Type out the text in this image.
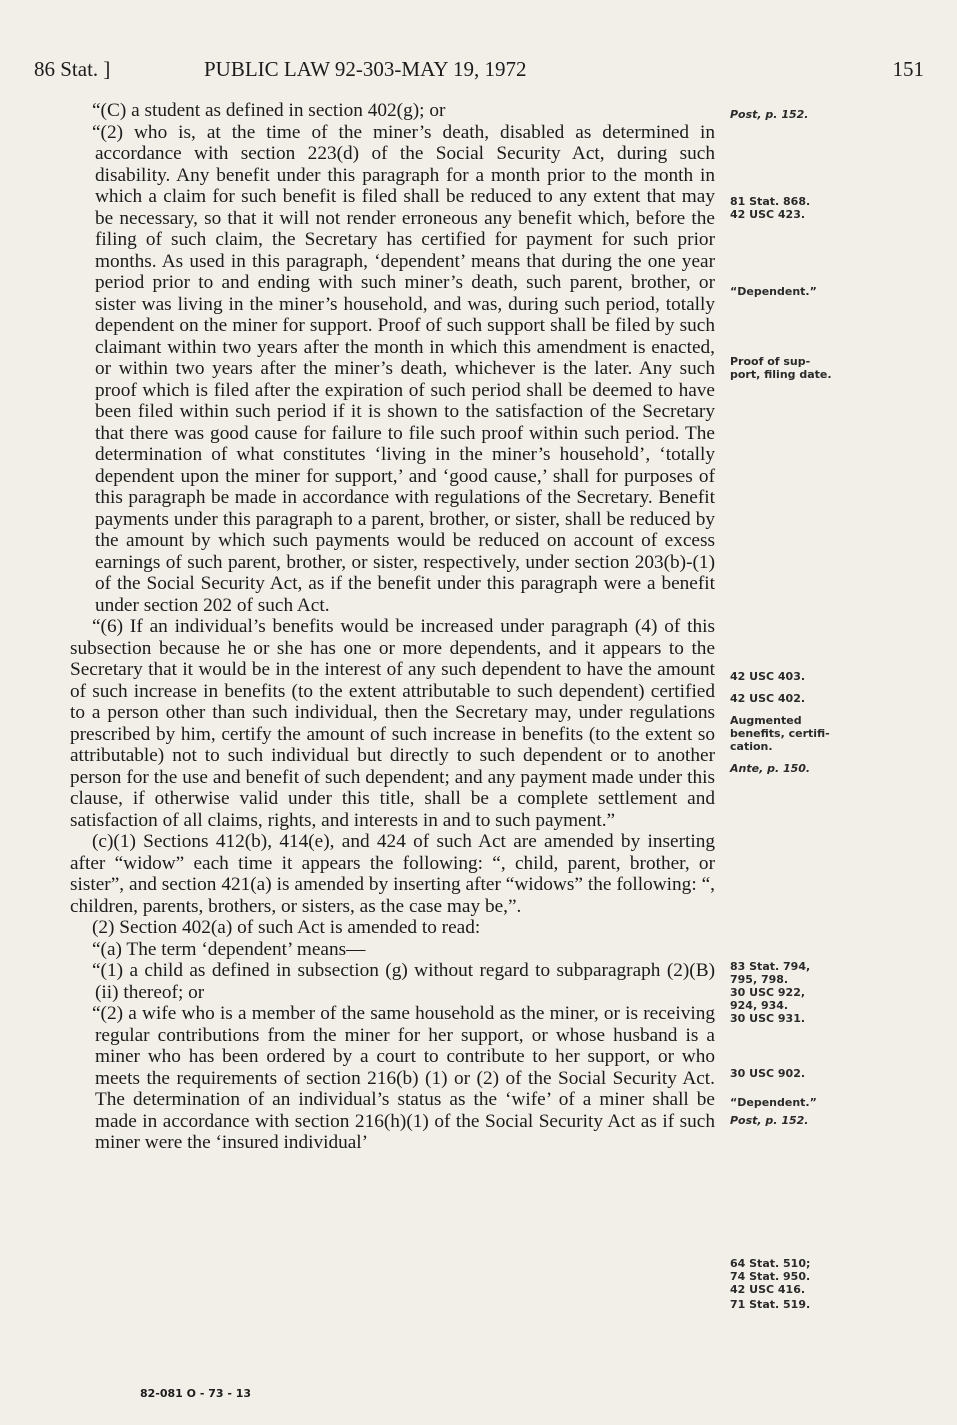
86 Stat. ]	PUBLIC LAW 92-303-MAY 19, 1972	151

“(C) a student as defined in section 402(g); or

“(2) who is, at the time of the miner’s death, disabled as determined in accordance with section 223(d) of the Social Security Act, during such disability. Any benefit under this paragraph for a month prior to the month in which a claim for such benefit is filed shall be reduced to any extent that may be necessary, so that it will not render erroneous any benefit which, before the filing of such claim, the Secretary has certified for payment for such prior months. As used in this paragraph, ‘dependent’ means that during the one year period prior to and ending with such miner’s death, such parent, brother, or sister was living in the miner’s household, and was, during such period, totally dependent on the miner for support. Proof of such support shall be filed by such claimant within two years after the month in which this amendment is enacted, or within two years after the miner’s death, whichever is the later. Any such proof which is filed after the expiration of such period shall be deemed to have been filed within such period if it is shown to the satisfaction of the Secretary that there was good cause for failure to file such proof within such period. The determination of what constitutes ‘living in the miner’s household’, ‘totally dependent upon the miner for support,’ and ‘good cause,’ shall for purposes of this paragraph be made in accordance with regulations of the Secretary. Benefit payments under this paragraph to a parent, brother, or sister, shall be reduced by the amount by which such payments would be reduced on account of excess earnings of such parent, brother, or sister, respectively, under section 203(b)-(1) of the Social Security Act, as if the benefit under this paragraph were a benefit under section 202 of such Act.

“(6) If an individual’s benefits would be increased under paragraph (4) of this subsection because he or she has one or more dependents, and it appears to the Secretary that it would be in the interest of any such dependent to have the amount of such increase in benefits (to the extent attributable to such dependent) certified to a person other than such individual, then the Secretary may, under regulations prescribed by him, certify the amount of such increase in benefits (to the extent so attributable) not to such individual but directly to such dependent or to another person for the use and benefit of such dependent; and any payment made under this clause, if otherwise valid under this title, shall be a complete settlement and satisfaction of all claims, rights, and interests in and to such payment.”

(c)(1) Sections 412(b), 414(e), and 424 of such Act are amended by inserting after “widow” each time it appears the following: “, child, parent, brother, or sister”, and section 421(a) is amended by inserting after “widows” the following: “, children, parents, brothers, or sisters, as the case may be,”.

(2) Section 402(a) of such Act is amended to read:

“(a) The term ‘dependent’ means—

“(1) a child as defined in subsection (g) without regard to subparagraph (2)(B)(ii) thereof; or

“(2) a wife who is a member of the same household as the miner, or is receiving regular contributions from the miner for her support, or whose husband is a miner who has been ordered by a court to contribute to her support, or who meets the requirements of section 216(b) (1) or (2) of the Social Security Act. The determination of an individual’s status as the ‘wife’ of a miner shall be made in accordance with section 216(h)(1) of the Social Security Act as if such miner were the ‘insured individual’

Post, p. 152.
81 Stat. 868.
42 USC 423.
“Dependent.”
Proof of sup-
port, filing date.
42 USC 403.
42 USC 402.
Augmented
benefits, certifi-
cation.
Ante, p. 150.
83 Stat. 794,
795, 798.
30 USC 922,
924, 934.
30 USC 931.
30 USC 902.
“Dependent.”
Post, p. 152.
64 Stat. 510;
74 Stat. 950.
42 USC 416.
71 Stat. 519.
82-081 O - 73 - 13
